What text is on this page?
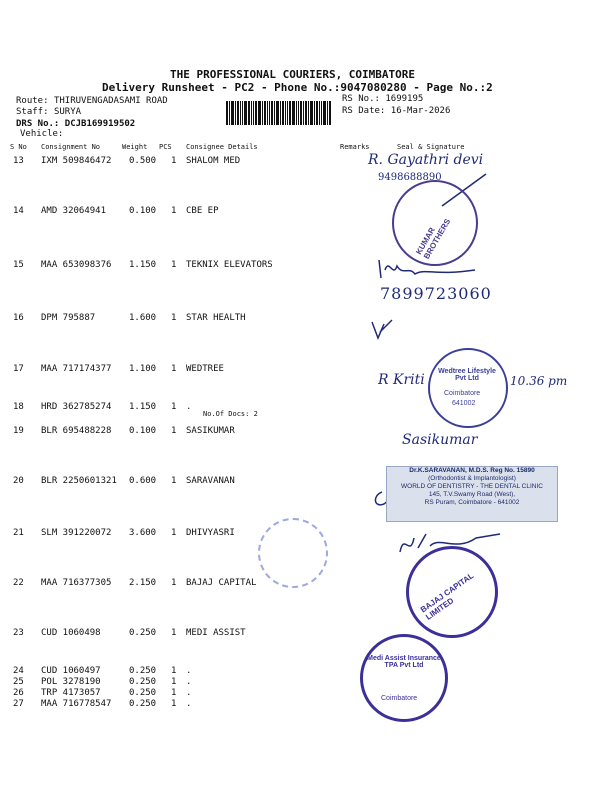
THE PROFESSIONAL COURIERS, COIMBATORE
Delivery Runsheet - PC2 - Phone No.:9047080280 - Page No.:2
Route: THIRUVENGADASAMI ROAD
Staff: SURYA
DRS No.: DCJB169919502
Vehicle:
RS No.: 1699195
RS Date: 16-Mar-2026
S No Consignment No	Weight PCS Consignee Details	Remarks	Seal & Signature
13 IXM 509846472 0.500 1 SHALOM MED
14 AMD 32064941	0.100 1 CBE EP
15 MAA 653098376 1.150 1 TEKNIX ELEVATORS
16 DPM 795887	1.600 1 STAR HEALTH
17 MAA 717174377 1.100 1 WEDTREE
18 HRD 362785274 1.150 1 .
No.Of Docs: 2
19 BLR 695488228 0.100 1 SASIKUMAR
20 BLR 2250601321 0.600 1 SARAVANAN
21 SLM 391220072 3.600 1 DHIVYASRI
22 MAA 716377305 2.150 1 BAJAJ CAPITAL
23 CUD 1060498	0.250 1 MEDI ASSIST
24 CUD 1060497	0.250 1 .
25 POL 3278190	0.250 1 .
26 TRP 4173057	0.250 1 .
27 MAA 716778547 0.250 1 .
R. Gayathri devi
9498688890
KUMAR BROTHERS
7899723060
Wedtree Lifestyle Pvt Ltd
Coimbatore
641002
R Kriti	10.36 pm
Sasikumar
Dr.K.SARAVANAN, M.D.S. Reg No. 15890
(Orthodontist & Implantologist)
WORLD OF DENTISTRY - THE DENTAL CLINIC
145, T.V.Swamy Road (West),
RS Puram, Coimbatore - 641002
BAJAJ CAPITAL LIMITED
Medi Assist Insurance TPA Pvt Ltd
Coimbatore
